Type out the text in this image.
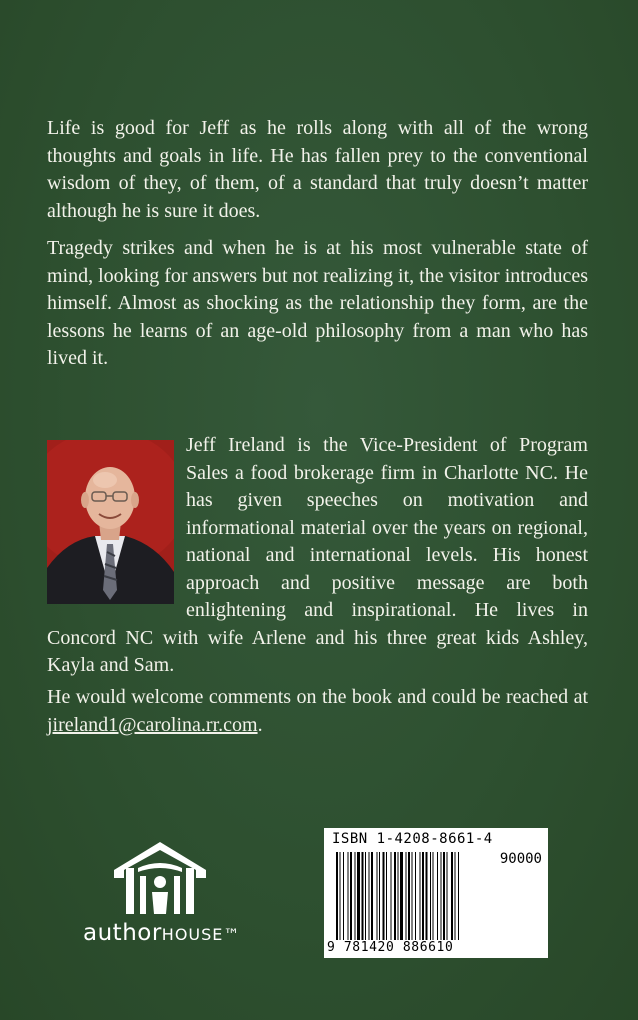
Life is good for Jeff as he rolls along with all of the wrong thoughts and goals in life. He has fallen prey to the conventional wisdom of they, of them, of a standard that truly doesn’t matter although he is sure it does.

Tragedy strikes and when he is at his most vulnerable state of mind, looking for answers but not realizing it, the visitor introduces himself. Almost as shocking as the relationship they form, are the lessons he learns of an age-old philosophy from a man who has lived it.

Jeff Ireland is the Vice-President of Program Sales a food brokerage firm in Charlotte NC. He has given speeches on motivation and informational material over the years on regional, national and international levels. His honest approach and positive message are both enlightening and inspirational. He lives in Concord NC with wife Arlene and his three great kids Ashley, Kayla and Sam.

He would welcome comments on the book and could be reached at jireland1@carolina.rr.com.

authorHOUSE™
ISBN 1-4208-8661-4
90000
9 781420 886610
